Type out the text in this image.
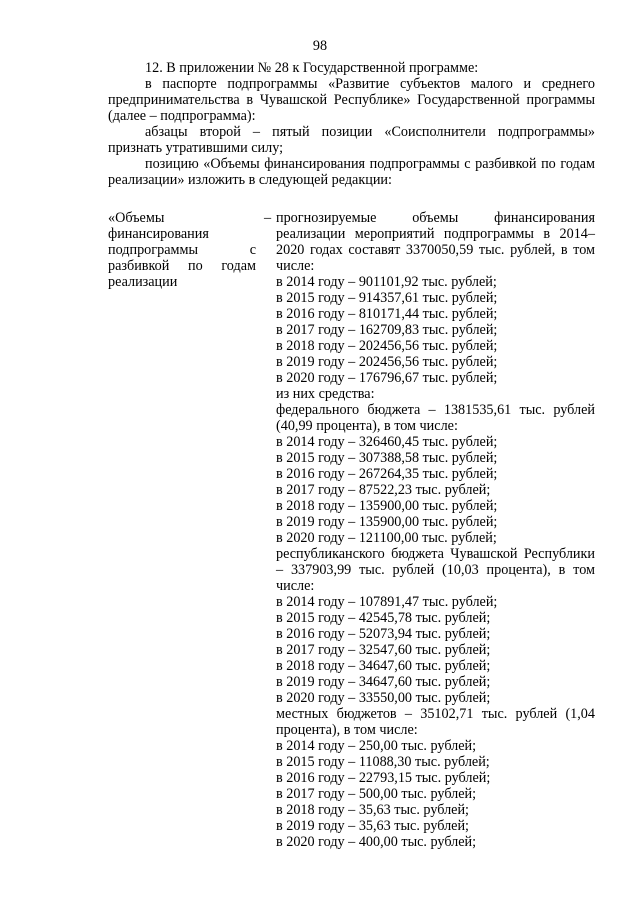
98
12. В приложении № 28 к Государственной программе:
в паспорте подпрограммы «Развитие субъектов малого и среднего предпринимательства в Чувашской Республике» Государственной программы (далее – подпрограмма):
абзацы второй – пятый позиции «Соисполнители подпрограммы» признать утратившими силу;
позицию «Объемы финансирования подпрограммы с разбивкой по годам реализации» изложить в следующей редакции:
«Объемы финансирования подпрограммы с разбивкой по годам реализации
– прогнозируемые объемы финансирования реализации мероприятий подпрограммы в 2014–2020 годах составят 3370050,59 тыс. рублей, в том числе:
в 2014 году – 901101,92 тыс. рублей;
в 2015 году – 914357,61 тыс. рублей;
в 2016 году – 810171,44 тыс. рублей;
в 2017 году – 162709,83 тыс. рублей;
в 2018 году – 202456,56 тыс. рублей;
в 2019 году – 202456,56 тыс. рублей;
в 2020 году – 176796,67 тыс. рублей;
из них средства:
федерального бюджета – 1381535,61 тыс. рублей (40,99 процента), в том числе:
в 2014 году – 326460,45 тыс. рублей;
в 2015 году – 307388,58 тыс. рублей;
в 2016 году – 267264,35 тыс. рублей;
в 2017 году – 87522,23 тыс. рублей;
в 2018 году – 135900,00 тыс. рублей;
в 2019 году – 135900,00 тыс. рублей;
в 2020 году – 121100,00 тыс. рублей;
республиканского бюджета Чувашской Республики – 337903,99 тыс. рублей (10,03 процента), в том числе:
в 2014 году – 107891,47 тыс. рублей;
в 2015 году – 42545,78 тыс. рублей;
в 2016 году – 52073,94 тыс. рублей;
в 2017 году – 32547,60 тыс. рублей;
в 2018 году – 34647,60 тыс. рублей;
в 2019 году – 34647,60 тыс. рублей;
в 2020 году – 33550,00 тыс. рублей;
местных бюджетов – 35102,71 тыс. рублей (1,04 процента), в том числе:
в 2014 году – 250,00 тыс. рублей;
в 2015 году – 11088,30 тыс. рублей;
в 2016 году – 22793,15 тыс. рублей;
в 2017 году – 500,00 тыс. рублей;
в 2018 году – 35,63 тыс. рублей;
в 2019 году – 35,63 тыс. рублей;
в 2020 году – 400,00 тыс. рублей;
